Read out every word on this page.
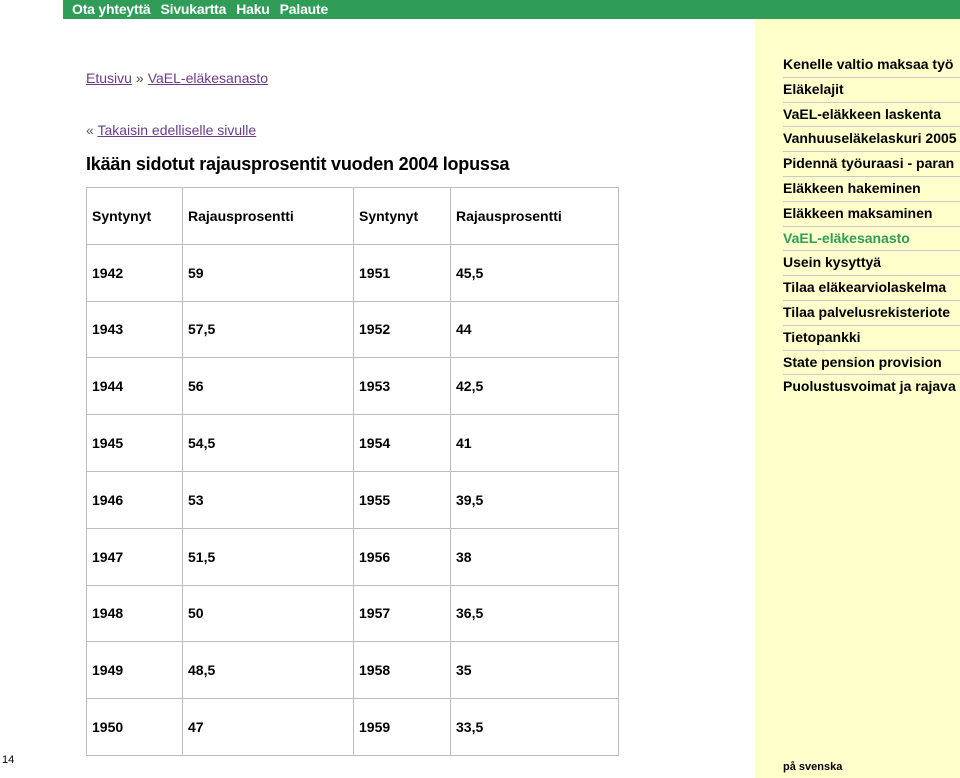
Ota yhteyttä Sivukartta Haku Palaute
14
Etusivu » VaEL-eläkesanasto
« Takaisin edelliselle sivulle
Ikään sidotut rajausprosentit vuoden 2004 lopussa
Syntynyt	Rajausprosentti	Syntynyt	Rajausprosentti
1942	59	1951	45,5
1943	57,5	1952	44
1944	56	1953	42,5
1945	54,5	1954	41
1946	53	1955	39,5
1947	51,5	1956	38
1948	50	1957	36,5
1949	48,5	1958	35
1950	47	1959	33,5
Kenelle valtio maksaa työ
Eläkelajit
VaEL-eläkkeen laskenta
Vanhuuseläkelaskuri 2005
Pidennä työuraasi - paran
Eläkkeen hakeminen
Eläkkeen maksaminen
VaEL-eläkesanasto
Usein kysyttyä
Tilaa eläkearviolaskelma
Tilaa palvelusrekisteriote
Tietopankki
State pension provision
Puolustusvoimat ja rajava
på svenska
